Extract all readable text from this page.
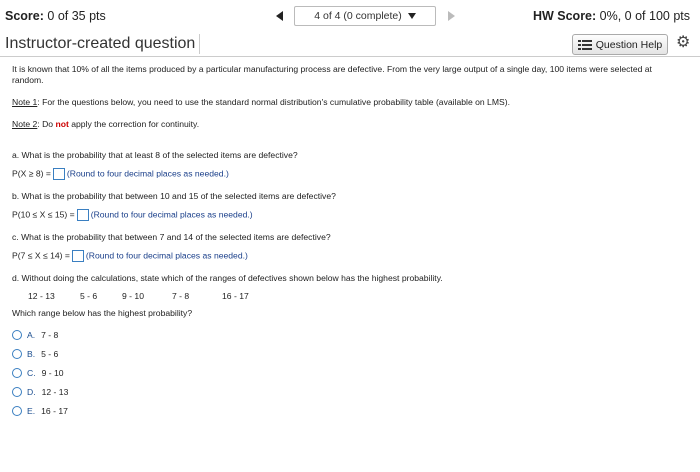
Score: 0 of 35 pts	4 of 4 (0 complete)	HW Score: 0%, 0 of 100 pts
Instructor-created question	Question Help ⚙

It is known that 10% of all the items produced by a particular manufacturing process are defective. From the very large output of a single day, 100 items were selected at random.

Note 1: For the questions below, you need to use the standard normal distribution's cumulative probability table (available on LMS).
Note 2: Do not apply the correction for continuity.
a. What is the probability that at least 8 of the selected items are defective?
P(X ≥ 8) = (Round to four decimal places as needed.)
b. What is the probability that between 10 and 15 of the selected items are defective?
P(10 ≤ X ≤ 15) = (Round to four decimal places as needed.)
c. What is the probability that between 7 and 14 of the selected items are defective?
P(7 ≤ X ≤ 14) = (Round to four decimal places as needed.)
d. Without doing the calculations, state which of the ranges of defectives shown below has the highest probability.
12 - 13	5 - 6	9 - 10	7 - 8	16 - 17
Which range below has the highest probability?
A. 7 - 8
B. 5 - 6
C. 9 - 10
D. 12 - 13
E. 16 - 17
